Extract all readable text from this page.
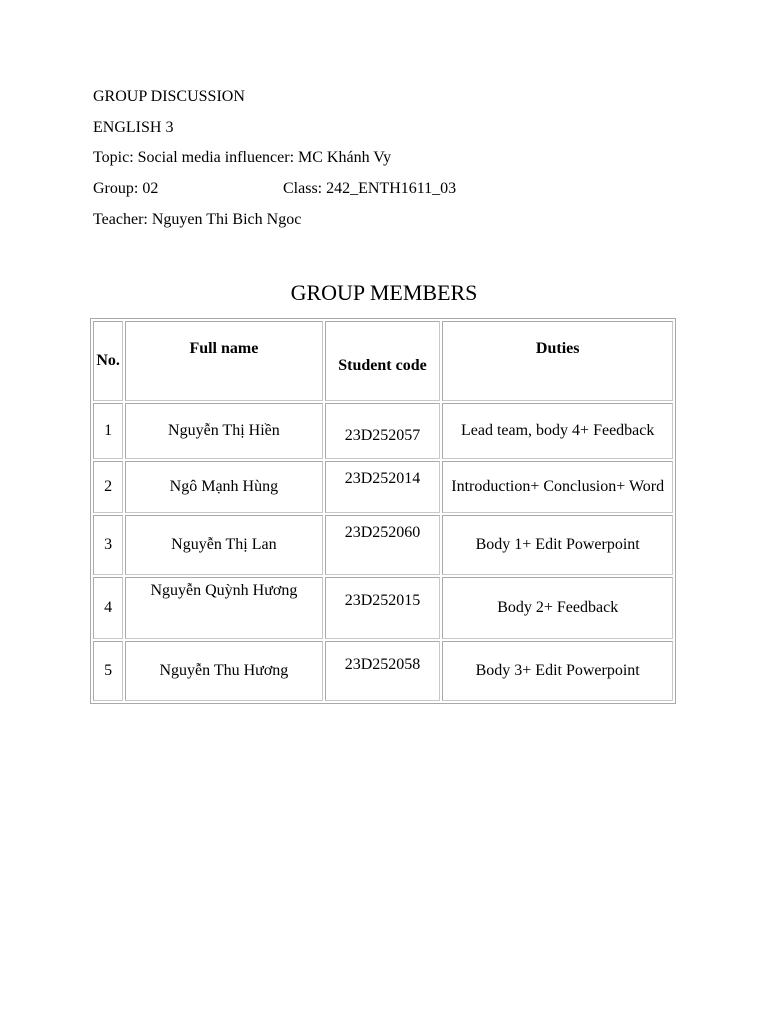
GROUP DISCUSSION
ENGLISH 3
Topic: Social media influencer: MC Khánh Vy
Group: 02	Class: 242_ENTH1611_03
Teacher: Nguyen Thi Bich Ngoc
GROUP MEMBERS
No.	Full name	Student code	Duties
1	Nguyễn Thị Hiền	23D252057	Lead team, body 4+ Feedback
2	Ngô Mạnh Hùng	23D252014	Introduction+ Conclusion+ Word
3	Nguyễn Thị Lan	23D252060	Body 1+ Edit Powerpoint
4	Nguyễn Quỳnh Hương	23D252015	Body 2+ Feedback
5	Nguyễn Thu Hương	23D252058	Body 3+ Edit Powerpoint
